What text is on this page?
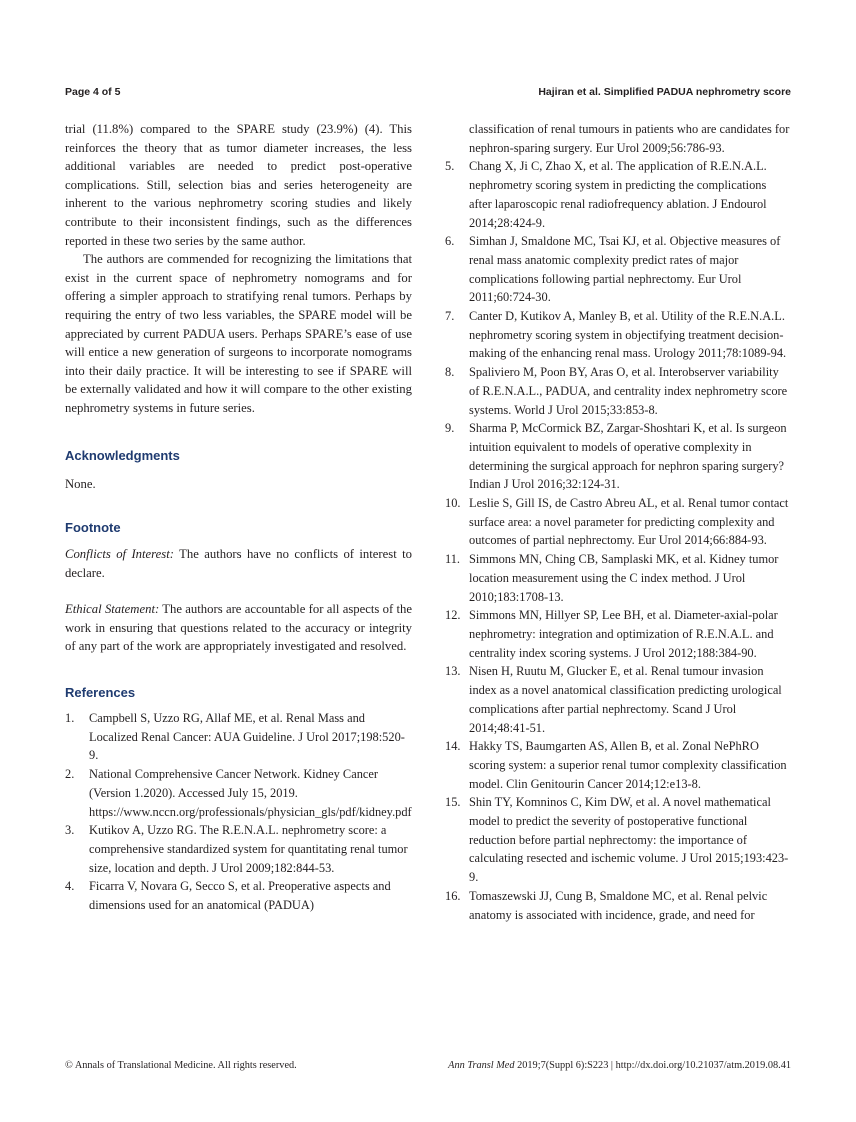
Page 4 of 5	Hajiran et al. Simplified PADUA nephrometry score

trial (11.8%) compared to the SPARE study (23.9%) (4). This reinforces the theory that as tumor diameter increases, the less additional variables are needed to predict post-operative complications. Still, selection bias and series heterogeneity are inherent to the various nephrometry scoring studies and likely contribute to their inconsistent findings, such as the differences reported in these two series by the same author.

The authors are commended for recognizing the limitations that exist in the current space of nephrometry nomograms and for offering a simpler approach to stratifying renal tumors. Perhaps by requiring the entry of two less variables, the SPARE model will be appreciated by current PADUA users. Perhaps SPARE’s ease of use will entice a new generation of surgeons to incorporate nomograms into their daily practice. It will be interesting to see if SPARE will be externally validated and how it will compare to the other existing nephrometry systems in future series.

Acknowledgments

None.

Footnote

Conflicts of Interest: The authors have no conflicts of interest to declare.

Ethical Statement: The authors are accountable for all aspects of the work in ensuring that questions related to the accuracy or integrity of any part of the work are appropriately investigated and resolved.

References
1. Campbell S, Uzzo RG, Allaf ME, et al. Renal Mass and Localized Renal Cancer: AUA Guideline. J Urol 2017;198:520-9.
2. National Comprehensive Cancer Network. Kidney Cancer (Version 1.2020). Accessed July 15, 2019. https://www.nccn.org/professionals/physician_gls/pdf/kidney.pdf
3. Kutikov A, Uzzo RG. The R.E.N.A.L. nephrometry score: a comprehensive standardized system for quantitating renal tumor size, location and depth. J Urol 2009;182:844-53.
4. Ficarra V, Novara G, Secco S, et al. Preoperative aspects and dimensions used for an anatomical (PADUA)
classification of renal tumours in patients who are candidates for nephron-sparing surgery. Eur Urol 2009;56:786-93.
5. Chang X, Ji C, Zhao X, et al. The application of R.E.N.A.L. nephrometry scoring system in predicting the complications after laparoscopic renal radiofrequency ablation. J Endourol 2014;28:424-9.
6. Simhan J, Smaldone MC, Tsai KJ, et al. Objective measures of renal mass anatomic complexity predict rates of major complications following partial nephrectomy. Eur Urol 2011;60:724-30.
7. Canter D, Kutikov A, Manley B, et al. Utility of the R.E.N.A.L. nephrometry scoring system in objectifying treatment decision-making of the enhancing renal mass. Urology 2011;78:1089-94.
8. Spaliviero M, Poon BY, Aras O, et al. Interobserver variability of R.E.N.A.L., PADUA, and centrality index nephrometry score systems. World J Urol 2015;33:853-8.
9. Sharma P, McCormick BZ, Zargar-Shoshtari K, et al. Is surgeon intuition equivalent to models of operative complexity in determining the surgical approach for nephron sparing surgery? Indian J Urol 2016;32:124-31.
10. Leslie S, Gill IS, de Castro Abreu AL, et al. Renal tumor contact surface area: a novel parameter for predicting complexity and outcomes of partial nephrectomy. Eur Urol 2014;66:884-93.
11. Simmons MN, Ching CB, Samplaski MK, et al. Kidney tumor location measurement using the C index method. J Urol 2010;183:1708-13.
12. Simmons MN, Hillyer SP, Lee BH, et al. Diameter-axial-polar nephrometry: integration and optimization of R.E.N.A.L. and centrality index scoring systems. J Urol 2012;188:384-90.
13. Nisen H, Ruutu M, Glucker E, et al. Renal tumour invasion index as a novel anatomical classification predicting urological complications after partial nephrectomy. Scand J Urol 2014;48:41-51.
14. Hakky TS, Baumgarten AS, Allen B, et al. Zonal NePhRO scoring system: a superior renal tumor complexity classification model. Clin Genitourin Cancer 2014;12:e13-8.
15. Shin TY, Komninos C, Kim DW, et al. A novel mathematical model to predict the severity of postoperative functional reduction before partial nephrectomy: the importance of calculating resected and ischemic volume. J Urol 2015;193:423-9.
16. Tomaszewski JJ, Cung B, Smaldone MC, et al. Renal pelvic anatomy is associated with incidence, grade, and need for
© Annals of Translational Medicine. All rights reserved.	Ann Transl Med 2019;7(Suppl 6):S223 | http://dx.doi.org/10.21037/atm.2019.08.41
